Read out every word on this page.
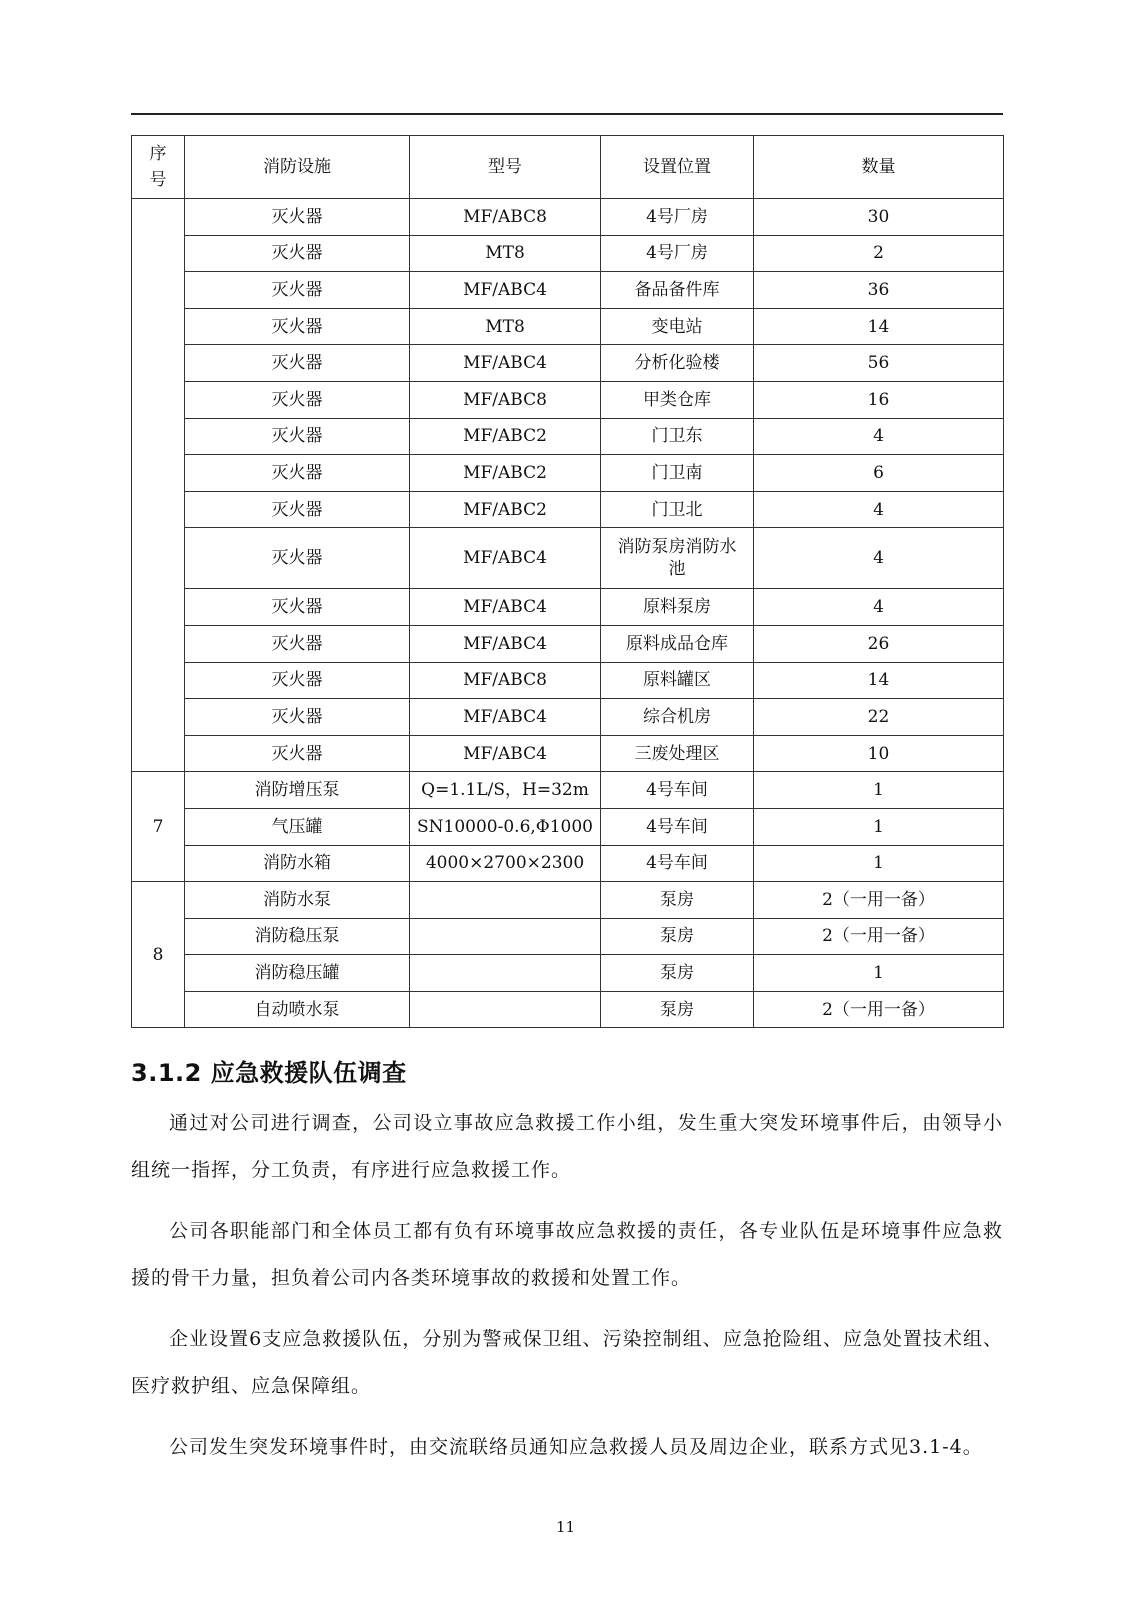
序
号	消防设施	型号	设置位置	数量
	灭火器	MF/ABC8	4号厂房	30
	灭火器	MT8	4号厂房	2
	灭火器	MF/ABC4	备品备件库	36
	灭火器	MT8	变电站	14
	灭火器	MF/ABC4	分析化验楼	56
	灭火器	MF/ABC8	甲类仓库	16
	灭火器	MF/ABC2	门卫东	4
	灭火器	MF/ABC2	门卫南	6
	灭火器	MF/ABC2	门卫北	4
	灭火器	MF/ABC4	消防泵房消防水池	4
	灭火器	MF/ABC4	原料泵房	4
	灭火器	MF/ABC4	原料成品仓库	26
	灭火器	MF/ABC8	原料罐区	14
	灭火器	MF/ABC4	综合机房	22
	灭火器	MF/ABC4	三废处理区	10
7	消防增压泵	Q=1.1L/S，H=32m	4号车间	1
	气压罐	SN10000-0.6,Φ1000	4号车间	1
	消防水箱	4000×2700×2300	4号车间	1
8	消防水泵		泵房	2（一用一备）
	消防稳压泵		泵房	2（一用一备）
	消防稳压罐		泵房	1
	自动喷水泵		泵房	2（一用一备）
3.1.2 应急救援队伍调查

通过对公司进行调查，公司设立事故应急救援工作小组，发生重大突发环境事件后，由领导小组统一指挥，分工负责，有序进行应急救援工作。

公司各职能部门和全体员工都有负有环境事故应急救援的责任，各专业队伍是环境事件应急救援的骨干力量，担负着公司内各类环境事故的救援和处置工作。

企业设置6支应急救援队伍，分别为警戒保卫组、污染控制组、应急抢险组、应急处置技术组、医疗救护组、应急保障组。

公司发生突发环境事件时，由交流联络员通知应急救援人员及周边企业，联系方式见3.1-4。

11
